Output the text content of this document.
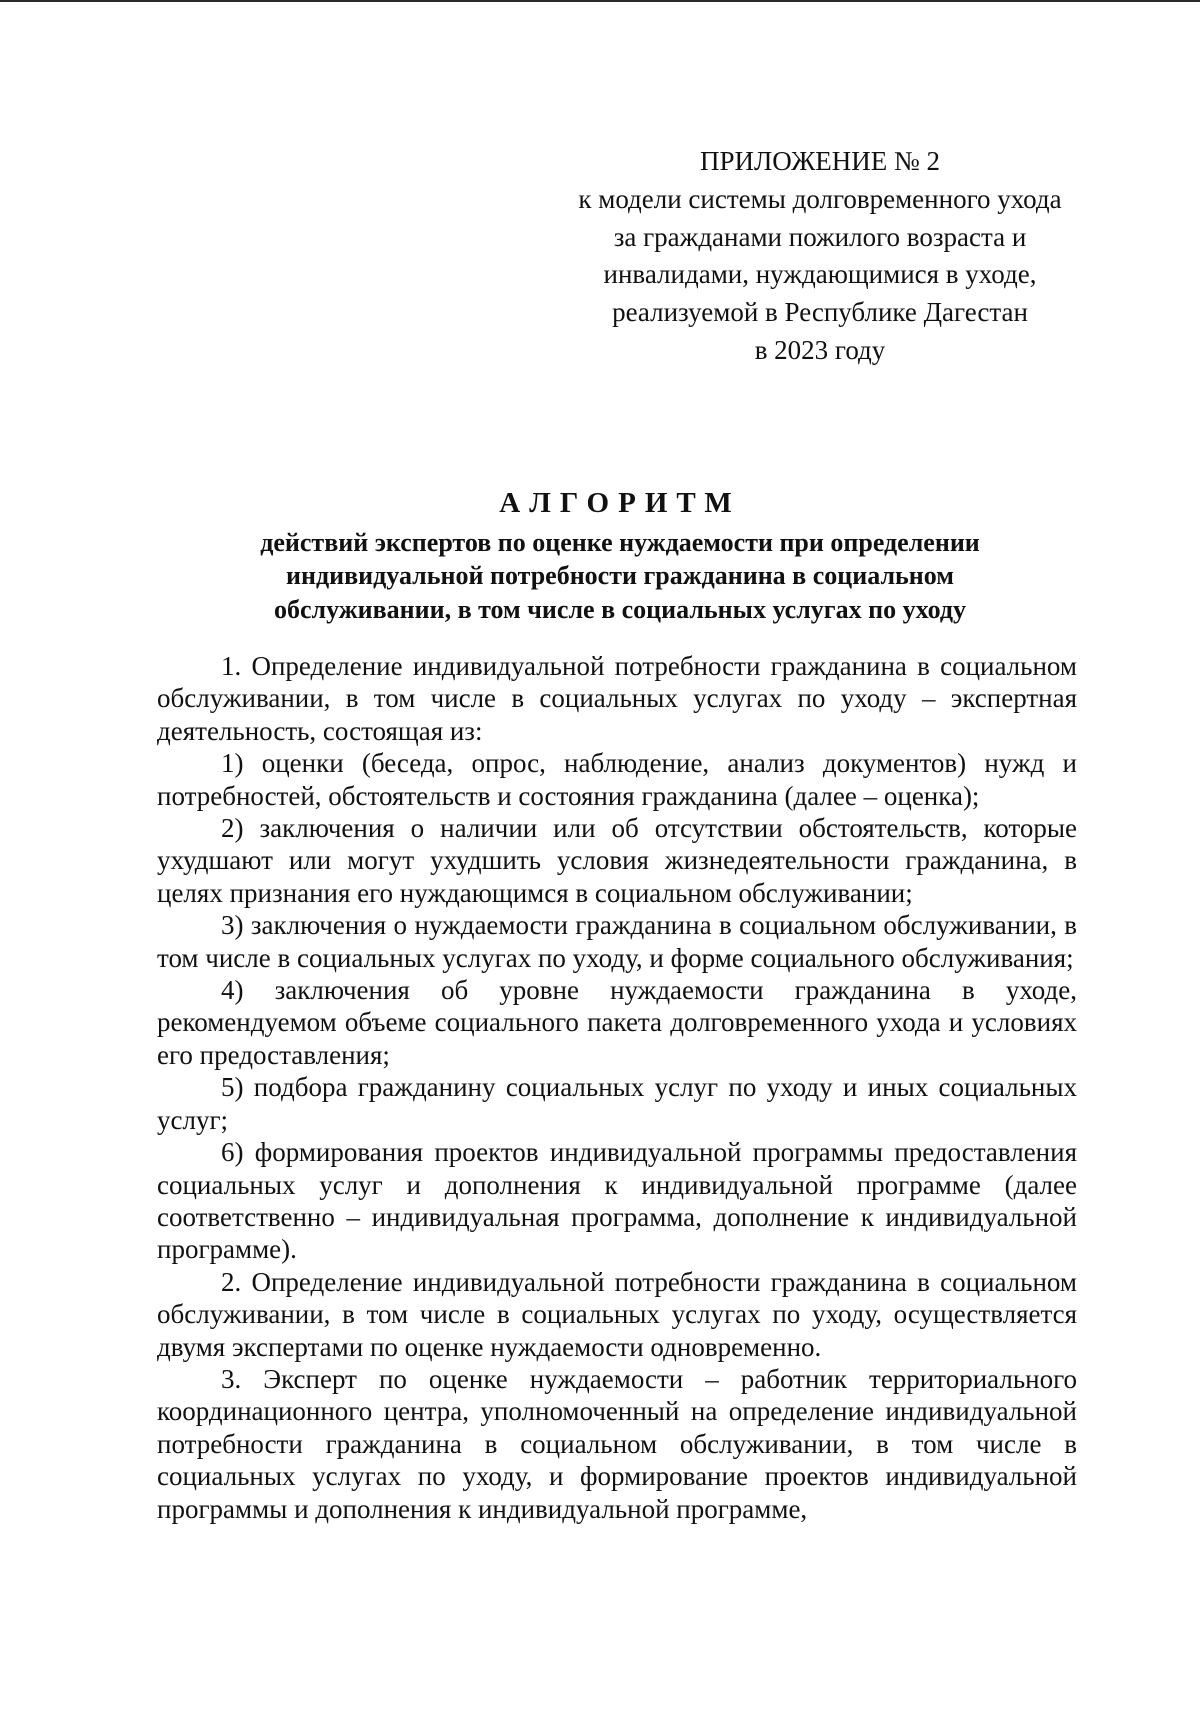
ПРИЛОЖЕНИЕ № 2
к модели системы долговременного ухода
за гражданами пожилого возраста и
инвалидами, нуждающимися в уходе,
реализуемой в Республике Дагестан
в 2023 году
АЛГОРИТМ
действий экспертов по оценке нуждаемости при определении
индивидуальной потребности гражданина в социальном
обслуживании, в том числе в социальных услугах по уходу

1. Определение индивидуальной потребности гражданина в социальном обслуживании, в том числе в социальных услугах по уходу – экспертная деятельность, состоящая из:

1) оценки (беседа, опрос, наблюдение, анализ документов) нужд и потребностей, обстоятельств и состояния гражданина (далее – оценка);

2) заключения о наличии или об отсутствии обстоятельств, которые ухудшают или могут ухудшить условия жизнедеятельности гражданина, в целях признания его нуждающимся в социальном обслуживании;

3) заключения о нуждаемости гражданина в социальном обслуживании, в том числе в социальных услугах по уходу, и форме социального обслуживания;

4) заключения об уровне нуждаемости гражданина в уходе, рекомендуемом объеме социального пакета долговременного ухода и условиях его предоставления;

5) подбора гражданину социальных услуг по уходу и иных социальных услуг;

6) формирования проектов индивидуальной программы предоставления социальных услуг и дополнения к индивидуальной программе (далее соответственно – индивидуальная программа, дополнение к индивидуальной программе).

2. Определение индивидуальной потребности гражданина в социальном обслуживании, в том числе в социальных услугах по уходу, осуществляется двумя экспертами по оценке нуждаемости одновременно.

3. Эксперт по оценке нуждаемости – работник территориального координационного центра, уполномоченный на определение индивидуальной потребности гражданина в социальном обслуживании, в том числе в социальных услугах по уходу, и формирование проектов индивидуальной программы и дополнения к индивидуальной программе,
